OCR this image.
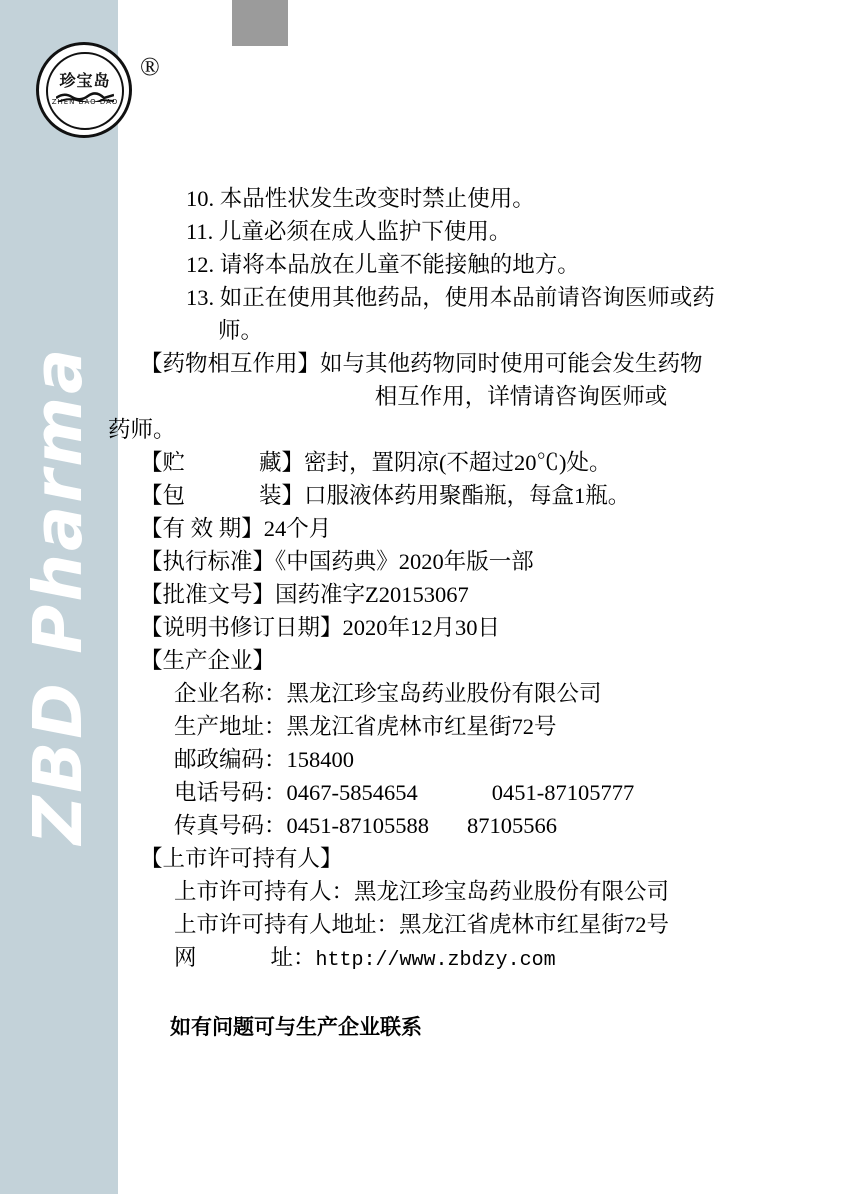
ZBD Pharma
珍宝岛
ZHEN BAO DAO
®
10. 本品性状发生改变时禁止使用。
11. 儿童必须在成人监护下使用。
12. 请将本品放在儿童不能接触的地方。
13. 如正在使用其他药品，使用本品前请咨询医师或药
师。
【药物相互作用】如与其他药物同时使用可能会发生药物
相互作用，详情请咨询医师或
药师。
【贮	藏】密封，置阴凉(不超过20℃)处。
【包	装】口服液体药用聚酯瓶，每盒1瓶。
【有 效 期】24个月
【执行标准】《中国药典》2020年版一部
【批准文号】国药准字Z20153067
【说明书修订日期】2020年12月30日
【生产企业】
企业名称：黑龙江珍宝岛药业股份有限公司
生产地址：黑龙江省虎林市红星街72号
邮政编码：158400
电话号码：0467-5854654	0451-87105777
传真号码：0451-87105588 87105566
【上市许可持有人】
上市许可持有人：黑龙江珍宝岛药业股份有限公司
上市许可持有人地址：黑龙江省虎林市红星街72号
网	址：http://www.zbdzy.com
如有问题可与生产企业联系
